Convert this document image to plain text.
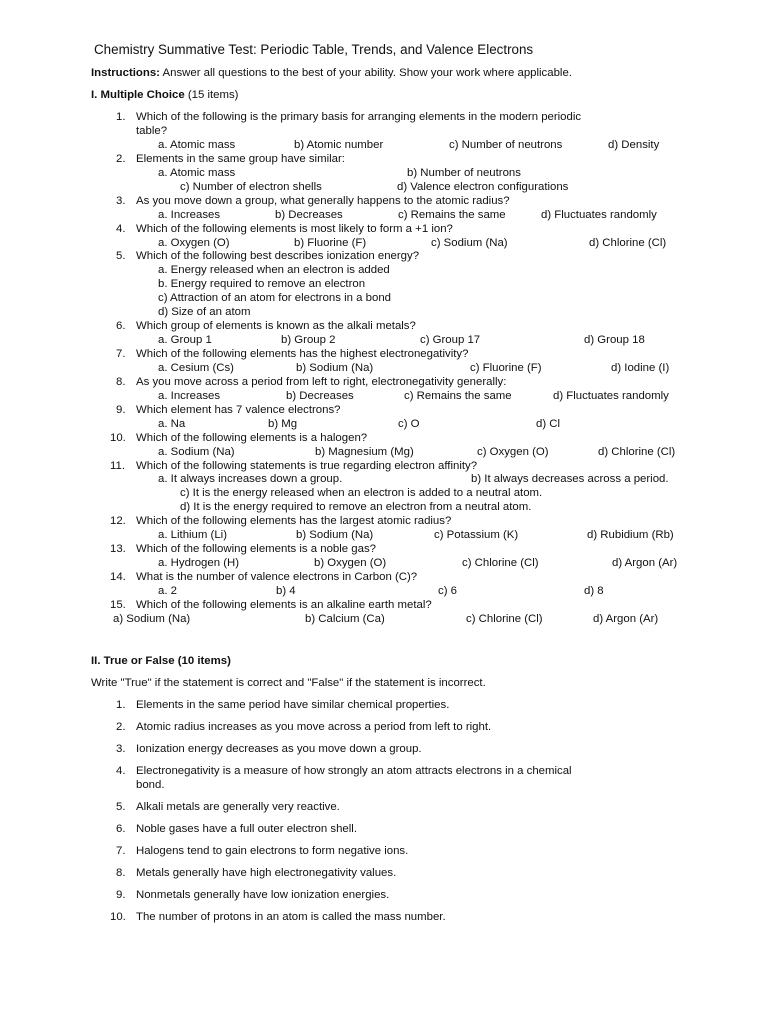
Chemistry Summative Test: Periodic Table, Trends, and Valence Electrons
Instructions: Answer all questions to the best of your ability. Show your work where applicable.
I. Multiple Choice (15 items)
1. Which of the following is the primary basis for arranging elements in the modern periodic
table?
a. Atomic mass	b) Atomic number	c) Number of neutrons	d) Density
2. Elements in the same group have similar:
a. Atomic mass	b) Number of neutrons
c) Number of electron shells	d) Valence electron configurations
3. As you move down a group, what generally happens to the atomic radius?
a. Increases	b) Decreases	c) Remains the same	d) Fluctuates randomly
4. Which of the following elements is most likely to form a +1 ion?
a. Oxygen (O)	b) Fluorine (F)	c) Sodium (Na)	d) Chlorine (Cl)
5. Which of the following best describes ionization energy?
a. Energy released when an electron is added
b. Energy required to remove an electron
c) Attraction of an atom for electrons in a bond
d) Size of an atom
6. Which group of elements is known as the alkali metals?
a. Group 1	b) Group 2	c) Group 17	d) Group 18
7. Which of the following elements has the highest electronegativity?
a. Cesium (Cs)	b) Sodium (Na)	c) Fluorine (F)	d) Iodine (I)
8. As you move across a period from left to right, electronegativity generally:
a. Increases	b) Decreases	c) Remains the same	d) Fluctuates randomly
9. Which element has 7 valence electrons?
a. Na	b) Mg	c) O	d) Cl
10. Which of the following elements is a halogen?
a. Sodium (Na)	b) Magnesium (Mg)	c) Oxygen (O)	d) Chlorine (Cl)
11. Which of the following statements is true regarding electron affinity?
a. It always increases down a group.	b) It always decreases across a period.
c) It is the energy released when an electron is added to a neutral atom.
d) It is the energy required to remove an electron from a neutral atom.
12. Which of the following elements has the largest atomic radius?
a. Lithium (Li)	b) Sodium (Na)	c) Potassium (K)	d) Rubidium (Rb)
13. Which of the following elements is a noble gas?
a. Hydrogen (H)	b) Oxygen (O)	c) Chlorine (Cl)	d) Argon (Ar)
14. What is the number of valence electrons in Carbon (C)?
a. 2	b) 4	c) 6	d) 8
15. Which of the following elements is an alkaline earth metal?
a) Sodium (Na)	b) Calcium (Ca)	c) Chlorine (Cl)	d) Argon (Ar)
II. True or False (10 items)
Write "True" if the statement is correct and "False" if the statement is incorrect.
1. Elements in the same period have similar chemical properties.
2. Atomic radius increases as you move across a period from left to right.
3. Ionization energy decreases as you move down a group.
4. Electronegativity is a measure of how strongly an atom attracts electrons in a chemical
bond.
5. Alkali metals are generally very reactive.
6. Noble gases have a full outer electron shell.
7. Halogens tend to gain electrons to form negative ions.
8. Metals generally have high electronegativity values.
9. Nonmetals generally have low ionization energies.
10. The number of protons in an atom is called the mass number.
